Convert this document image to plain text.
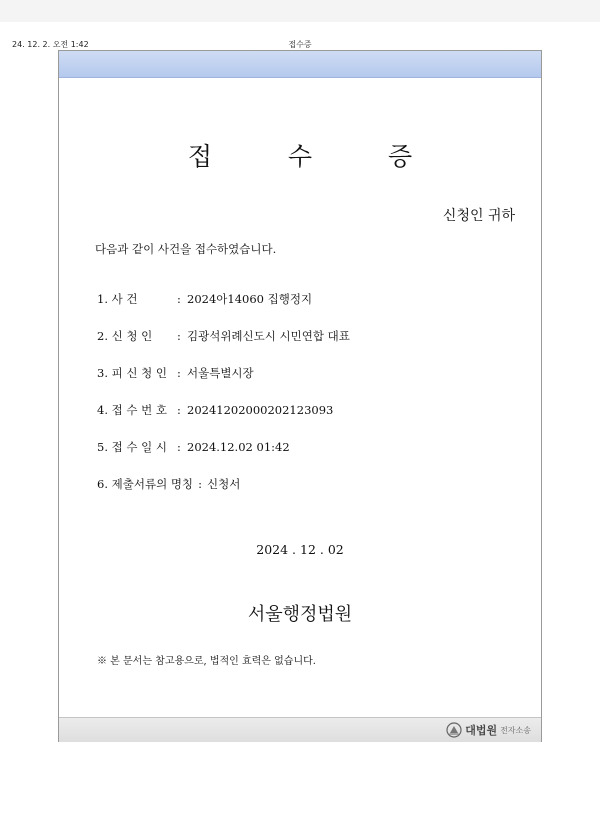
24. 12. 2. 오전 1:42	접수증
접 수 증
신청인 귀하
다음과 같이 사건을 접수하였습니다.
1. 사 건	: 2024아14060 집행정지
2. 신 청 인 : 김광석위례신도시 시민연합 대표
3. 피 신 청 인 : 서울특별시장
4. 접 수 번 호 : 20241202000202123093
5. 접 수 일 시 : 2024.12.02 01:42
6. 제출서류의 명칭 : 신청서
2024 . 12 . 02
서울행정법원
※ 본 문서는 참고용으로, 법적인 효력은 없습니다.
대법원 전자소송
